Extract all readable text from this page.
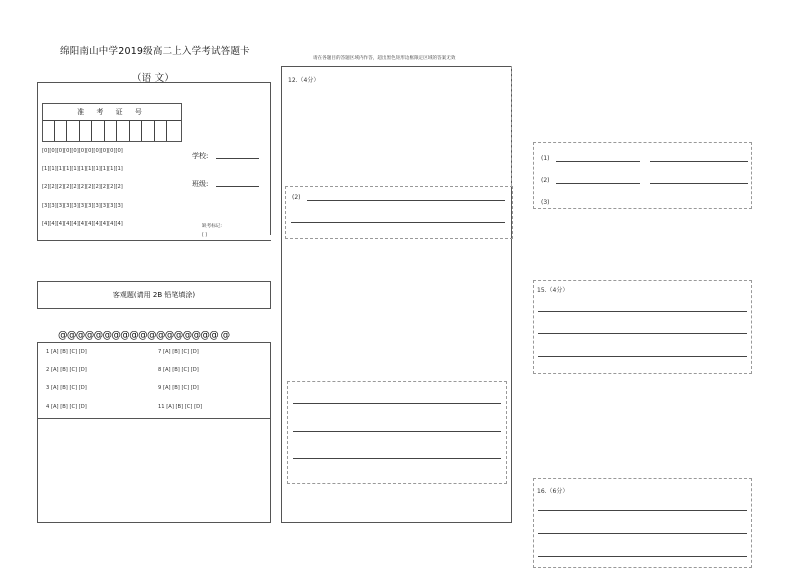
绵阳南山中学2019级高二上入学考试答题卡
（语 文）
请在各题目的答题区域内作答，超出黑色矩形边框限定区域的答案无效
准 考 证 号
[0][0][0][0][0][0][0][0][0][0][0]
[1][1][1][1][1][1][1][1][1][1][1]
[2][2][2][2][2][2][2][2][2][2][2]
[3][3][3][3][3][3][3][3][3][3][3]
[4][4][4][4][4][4][4][4][4][4][4]
学校:
班级:
缺考标记:
[ ]
客观题(请用 2B 铅笔填涂)
@@@@@@@@@@@@@@@@@@ @
1 [A] [B] [C] [D]
2 [A] [B] [C] [D]
3 [A] [B] [C] [D]
4 [A] [B] [C] [D]
7 [A] [B] [C] [D]
8 [A] [B] [C] [D]
9 [A] [B] [C] [D]
11 [A] [B] [C] [D]
12.（4分）
(2)
(1)
(2)
(3)
15.（4分）
16.（6分）
